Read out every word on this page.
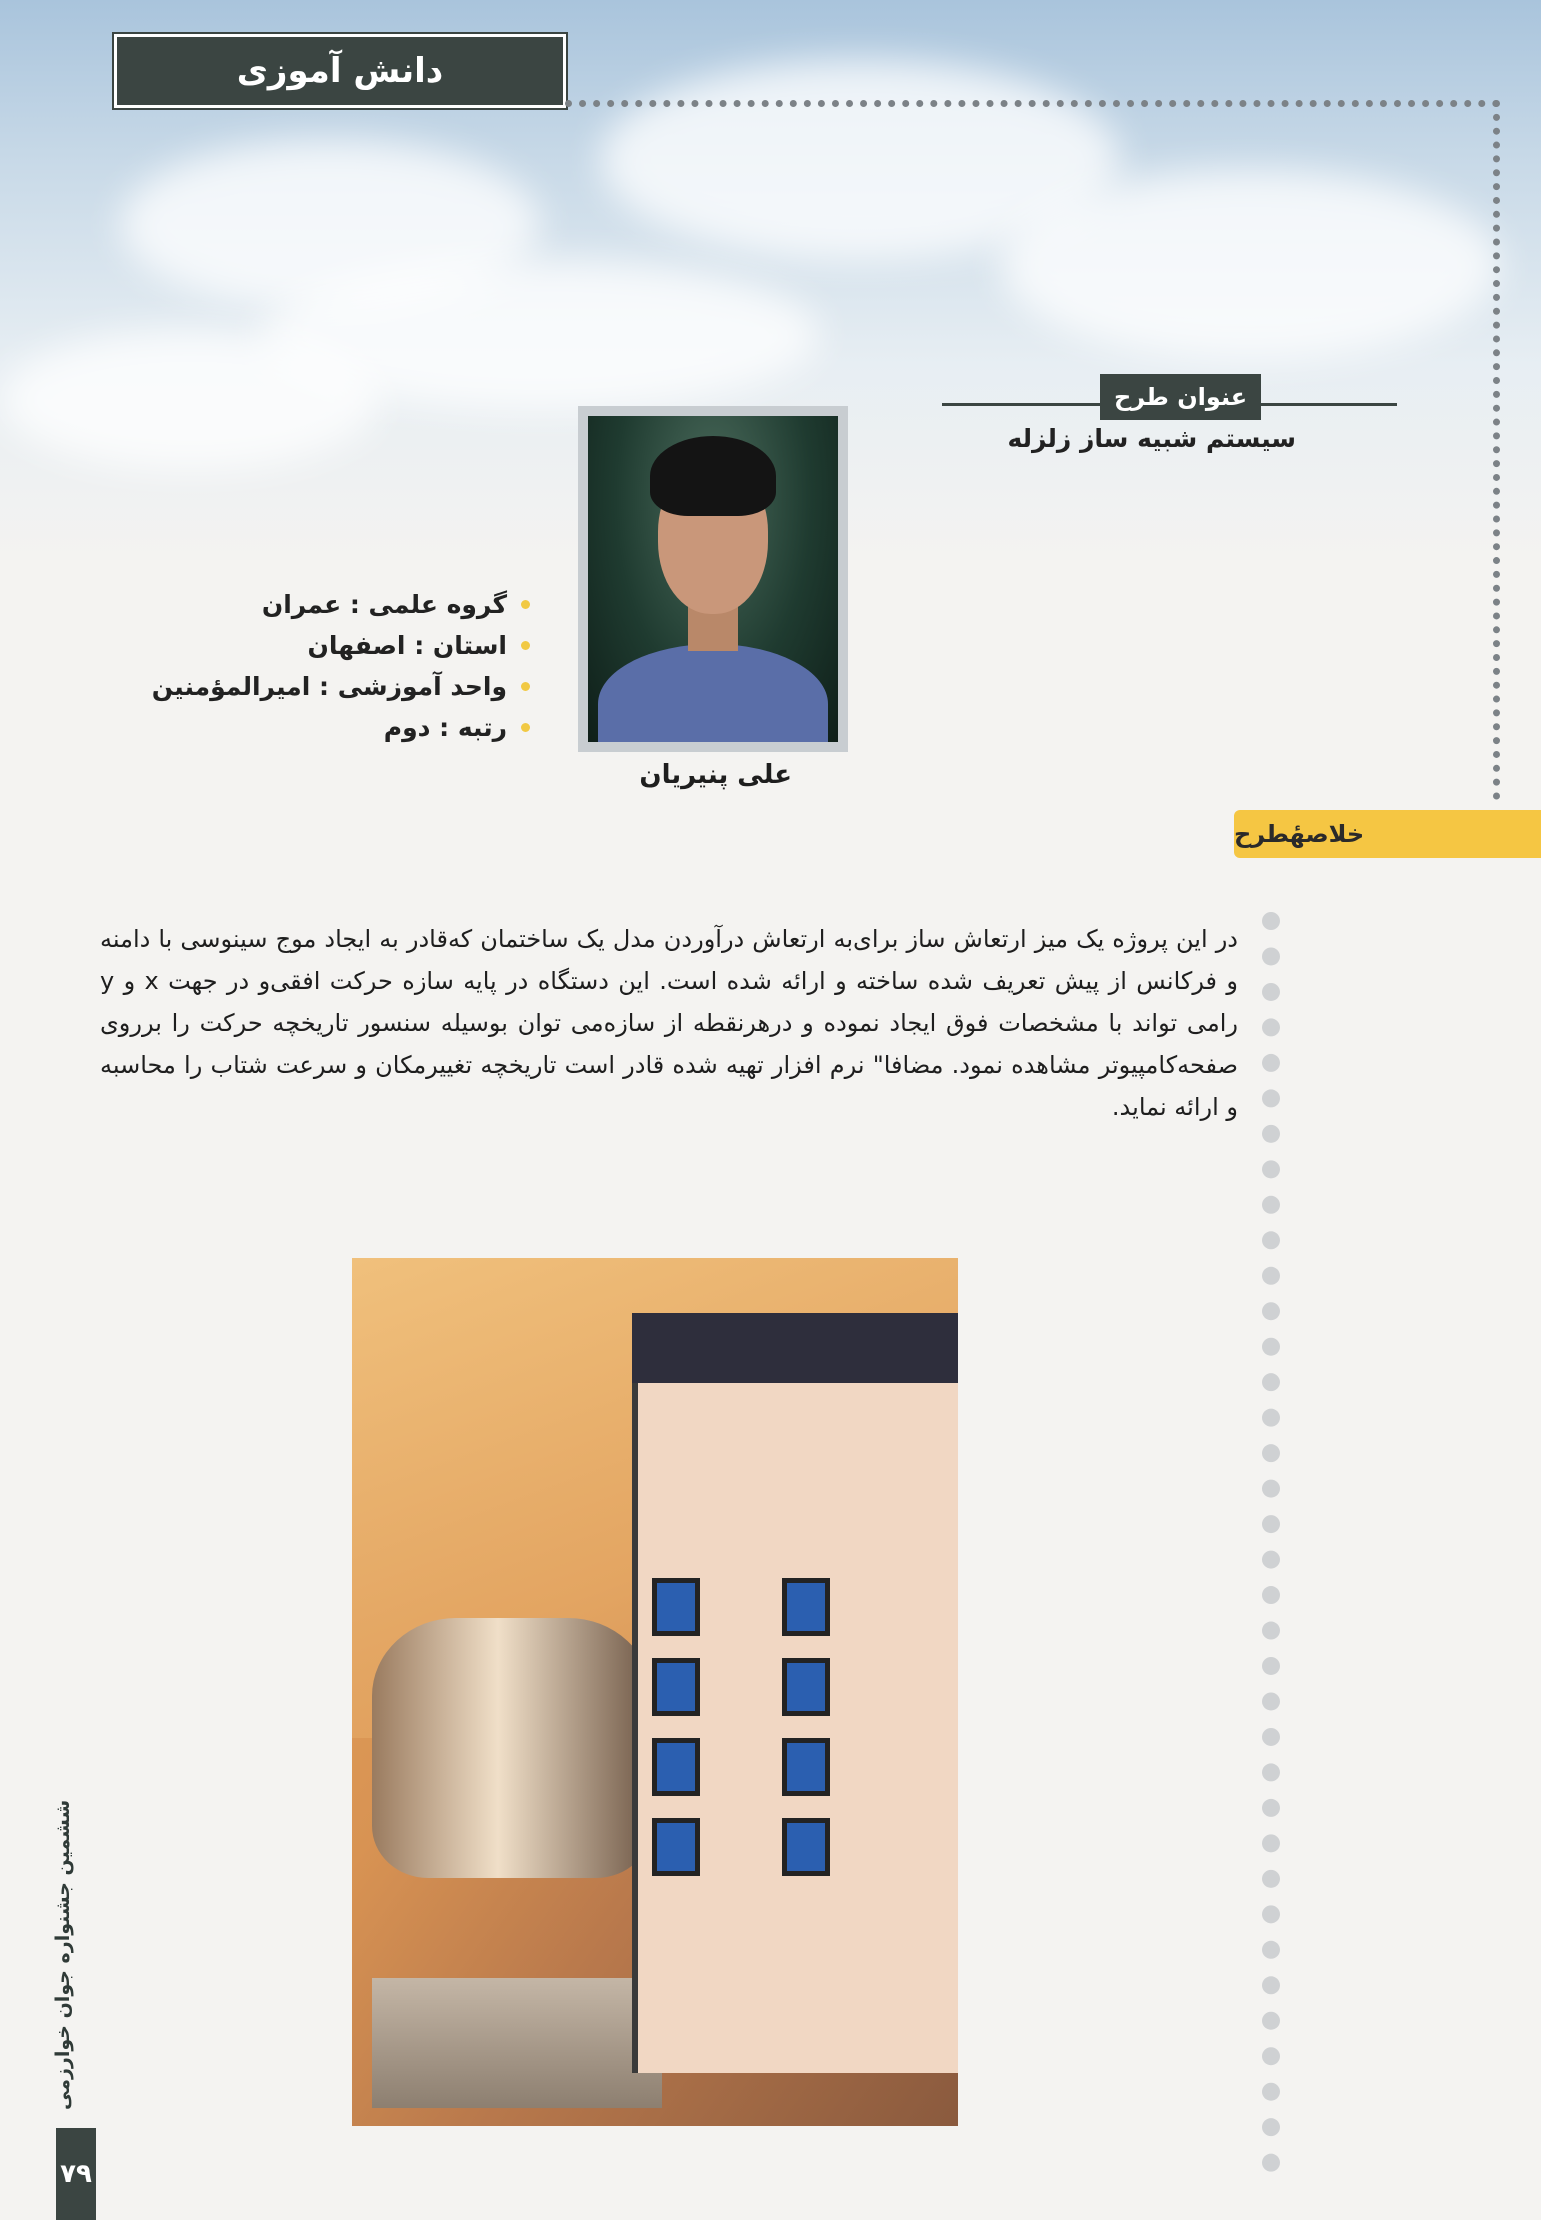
دانش آموزی
عنوان طرح
سیستم شبیه ساز زلزله
علی پنیریان
گروه علمی : عمران
استان : اصفهان
واحد آموزشی : امیرالمؤمنین
رتبه : دوم
خلاصهٔطرح
در این پروژه یک میز ارتعاش ساز برای‌به ارتعاش درآوردن مدل یک ساختمان که‌قادر به ایجاد موج سینوسی با دامنه و فرکانس از پیش تعریف شده ساخته و ارائه شده است. این دستگاه در پایه سازه حرکت افقی‌و در جهت x و y رامی تواند با مشخصات فوق ایجاد نموده و درهرنقطه از سازه‌می توان بوسیله سنسور تاریخچه حرکت را برروی صفحه‌کامپیوتر مشاهده نمود. مضافا" نرم افزار تهیه شده قادر است تاریخچه تغییرمکان و سرعت شتاب را محاسبه و ارائه نماید.
ششمین جشنواره جوان خوارزمی
۷۹
